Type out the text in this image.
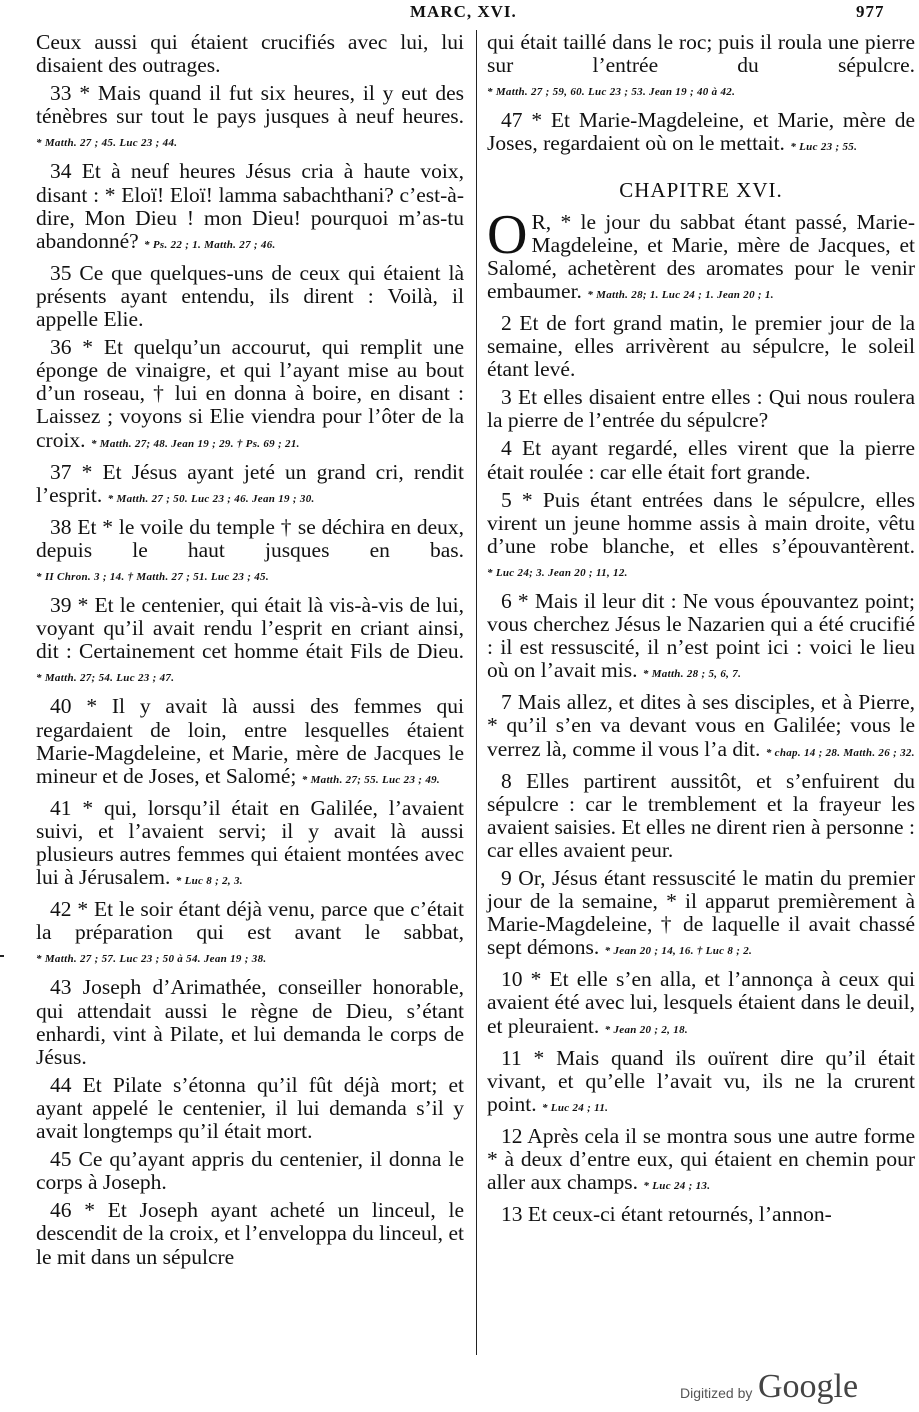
MARC, XVI.	977

Ceux aussi qui étaient crucifiés avec lui, lui disaient des outrages.

33 * Mais quand il fut six heures, il y eut des ténèbres sur tout le pays jusques à neuf heures. * Matth. 27 ; 45. Luc 23 ; 44.

34 Et à neuf heures Jésus cria à haute voix, disant : * Eloï! Eloï! lamma sabachthani? c’est-à-dire, Mon Dieu ! mon Dieu! pourquoi m’as-tu abandonné? * Ps. 22 ; 1. Matth. 27 ; 46.

35 Ce que quelques-uns de ceux qui étaient là présents ayant entendu, ils dirent : Voilà, il appelle Elie.

36 * Et quelqu’un accourut, qui remplit une éponge de vinaigre, et qui l’ayant mise au bout d’un roseau, † lui en donna à boire, en disant : Laissez ; voyons si Elie viendra pour l’ôter de la croix. * Matth. 27; 48. Jean 19 ; 29. † Ps. 69 ; 21.

37 * Et Jésus ayant jeté un grand cri, rendit l’esprit. * Matth. 27 ; 50. Luc 23 ; 46. Jean 19 ; 30.

38 Et * le voile du temple † se déchira en deux, depuis le haut jusques en bas. * II Chron. 3 ; 14. † Matth. 27 ; 51. Luc 23 ; 45.

39 * Et le centenier, qui était là vis-à-vis de lui, voyant qu’il avait rendu l’esprit en criant ainsi, dit : Certainement cet homme était Fils de Dieu. * Matth. 27; 54. Luc 23 ; 47.

40 * Il y avait là aussi des femmes qui regardaient de loin, entre lesquelles étaient Marie-Magdeleine, et Marie, mère de Jacques le mineur et de Joses, et Salomé; * Matth. 27; 55. Luc 23 ; 49.

41 * qui, lorsqu’il était en Galilée, l’avaient suivi, et l’avaient servi; il y avait là aussi plusieurs autres femmes qui étaient montées avec lui à Jérusalem. * Luc 8 ; 2, 3.

42 * Et le soir étant déjà venu, parce que c’était la préparation qui est avant le sabbat, * Matth. 27 ; 57. Luc 23 ; 50 à 54. Jean 19 ; 38.

43 Joseph d’Arimathée, conseiller honorable, qui attendait aussi le règne de Dieu, s’étant enhardi, vint à Pilate, et lui demanda le corps de Jésus.

44 Et Pilate s’étonna qu’il fût déjà mort; et ayant appelé le centenier, il lui demanda s’il y avait longtemps qu’il était mort.

45 Ce qu’ayant appris du centenier, il donna le corps à Joseph.

46 * Et Joseph ayant acheté un linceul, le descendit de la croix, et l’enveloppa du linceul, et le mit dans un sépulcre

qui était taillé dans le roc; puis il roula une pierre sur l’entrée du sépulcre. * Matth. 27 ; 59, 60. Luc 23 ; 53. Jean 19 ; 40 à 42.

47 * Et Marie-Magdeleine, et Marie, mère de Joses, regardaient où on le mettait. * Luc 23 ; 55.

CHAPITRE XVI.

O R, * le jour du sabbat étant passé, Marie-Magdeleine, et Marie, mère de Jacques, et Salomé, achetèrent des aromates pour le venir embaumer. * Matth. 28; 1. Luc 24 ; 1. Jean 20 ; 1.

2 Et de fort grand matin, le premier jour de la semaine, elles arrivèrent au sépulcre, le soleil étant levé.

3 Et elles disaient entre elles : Qui nous roulera la pierre de l’entrée du sépulcre?

4 Et ayant regardé, elles virent que la pierre était roulée : car elle était fort grande.

5 * Puis étant entrées dans le sépulcre, elles virent un jeune homme assis à main droite, vêtu d’une robe blanche, et elles s’épouvantèrent. * Luc 24; 3. Jean 20 ; 11, 12.

6 * Mais il leur dit : Ne vous épouvantez point; vous cherchez Jésus le Nazarien qui a été crucifié : il est ressuscité, il n’est point ici : voici le lieu où on l’avait mis. * Matth. 28 ; 5, 6, 7.

7 Mais allez, et dites à ses disciples, et à Pierre, * qu’il s’en va devant vous en Galilée; vous le verrez là, comme il vous l’a dit. * chap. 14 ; 28. Matth. 26 ; 32.

8 Elles partirent aussitôt, et s’enfuirent du sépulcre : car le tremblement et la frayeur les avaient saisies. Et elles ne dirent rien à personne : car elles avaient peur.

9 Or, Jésus étant ressuscité le matin du premier jour de la semaine, * il apparut premièrement à Marie-Magdeleine, † de laquelle il avait chassé sept démons. * Jean 20 ; 14, 16. † Luc 8 ; 2.

10 * Et elle s’en alla, et l’annonça à ceux qui avaient été avec lui, lesquels étaient dans le deuil, et pleuraient. * Jean 20 ; 2, 18.

11 * Mais quand ils ouïrent dire qu’il était vivant, et qu’elle l’avait vu, ils ne la crurent point. * Luc 24 ; 11.

12 Après cela il se montra sous une autre forme * à deux d’entre eux, qui étaient en chemin pour aller aux champs. * Luc 24 ; 13.

13 Et ceux-ci étant retournés, l’annon-

Digitized by Google
